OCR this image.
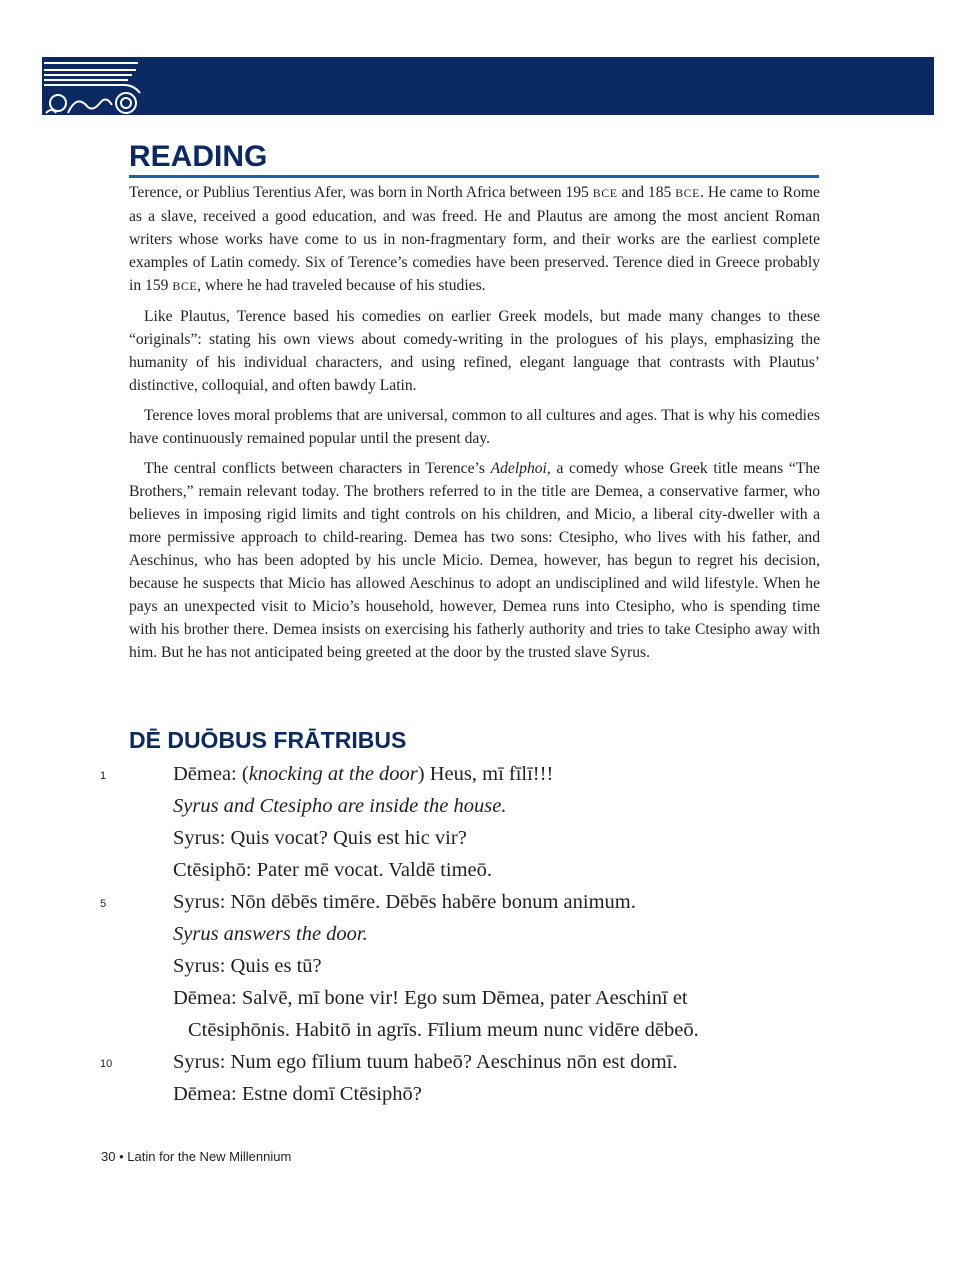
READING

Terence, or Publius Terentius Afer, was born in North Africa between 195 BCE and 185 BCE. He came to Rome as a slave, received a good education, and was freed. He and Plautus are among the most ancient Roman writers whose works have come to us in non-fragmentary form, and their works are the earliest complete examples of Latin comedy. Six of Terence’s comedies have been preserved. Terence died in Greece probably in 159 BCE, where he had traveled because of his studies.

Like Plautus, Terence based his comedies on earlier Greek models, but made many changes to these “originals”: stating his own views about comedy-writing in the prologues of his plays, emphasizing the humanity of his individual characters, and using refined, elegant language that contrasts with Plautus’ distinctive, colloquial, and often bawdy Latin.

Terence loves moral problems that are universal, common to all cultures and ages. That is why his comedies have continuously remained popular until the present day.

The central conflicts between characters in Terence’s Adelphoi, a comedy whose Greek title means “The Brothers,” remain relevant today. The brothers referred to in the title are Demea, a conservative farmer, who believes in imposing rigid limits and tight controls on his children, and Micio, a liberal city-dweller with a more permissive approach to child-rearing. Demea has two sons: Ctesipho, who lives with his father, and Aeschinus, who has been adopted by his uncle Micio. Demea, however, has begun to regret his decision, because he suspects that Micio has allowed Aeschinus to adopt an undisciplined and wild lifestyle. When he pays an unexpected visit to Micio’s household, however, Demea runs into Ctesipho, who is spending time with his brother there. Demea insists on exercising his fatherly authority and tries to take Ctesipho away with him. But he has not anticipated being greeted at the door by the trusted slave Syrus.

DĒ DUŌBUS FRĀTRIBUS
1	Dēmea: (knocking at the door) Heus, mī fīlī!!!
Syrus and Ctesipho are inside the house.
Syrus: Quis vocat? Quis est hic vir?
Ctēsiphō: Pater mē vocat. Valdē timeō.
5	Syrus: Nōn dēbēs timēre. Dēbēs habēre bonum animum.
Syrus answers the door.
Syrus: Quis es tū?
Dēmea: Salvē, mī bone vir! Ego sum Dēmea, pater Aeschinī et
Ctēsiphōnis. Habitō in agrīs. Fīlium meum nunc vidēre dēbeō.
10	Syrus: Num ego fīlium tuum habeō? Aeschinus nōn est domī.
Dēmea: Estne domī Ctēsiphō?
30 • Latin for the New Millennium
